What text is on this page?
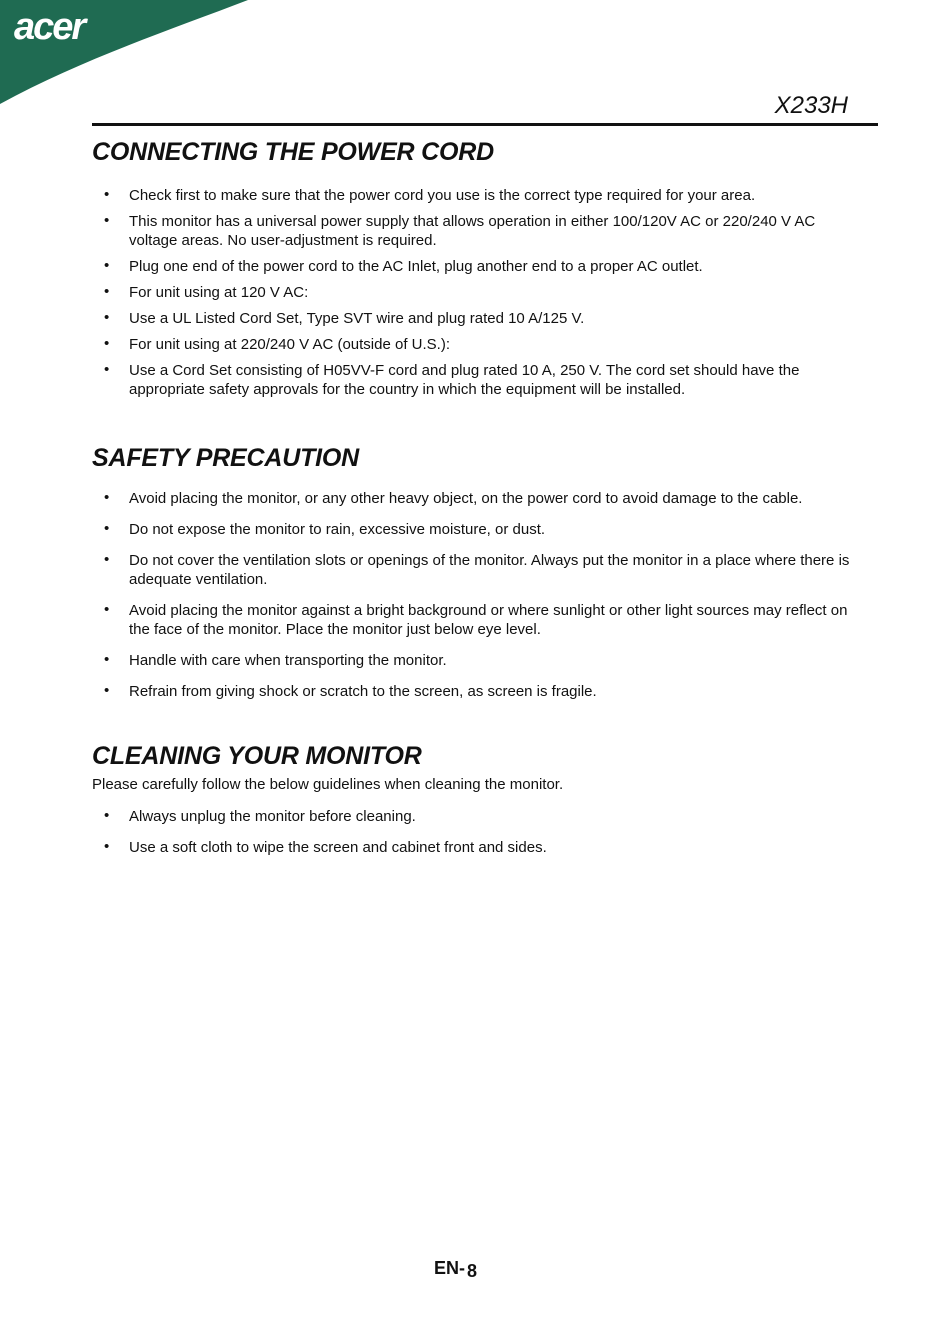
acer
X233H
CONNECTING THE POWER CORD
• Check first to make sure that the power cord you use is the correct type required for your area.
• This monitor has a universal power supply that allows operation in either 100/120V AC or 220/240 V AC voltage areas. No user-adjustment is required.
• Plug one end of the power cord to the AC Inlet, plug another end to a proper AC outlet.
• For unit using at 120 V AC:
• Use a UL Listed Cord Set, Type SVT wire and plug rated 10 A/125 V.
• For unit using at 220/240 V AC (outside of U.S.):
• Use a Cord Set consisting of H05VV-F cord and plug rated 10 A, 250 V. The cord set should have the appropriate safety approvals for the country in which the equipment will be installed.
SAFETY PRECAUTION
• Avoid placing the monitor, or any other heavy object, on the power cord to avoid damage to the cable.
• Do not expose the monitor to rain, excessive moisture, or dust.
• Do not cover the ventilation slots or openings of the monitor. Always put the monitor in a place where there is adequate ventilation.
• Avoid placing the monitor against a bright background or where sunlight or other light sources may reflect on the face of the monitor. Place the monitor just below eye level.
• Handle with care when transporting the monitor.
• Refrain from giving shock or scratch to the screen, as screen is fragile.
CLEANING YOUR MONITOR

Please carefully follow the below guidelines when cleaning the monitor.

• Always unplug the monitor before cleaning.
• Use a soft cloth to wipe the screen and cabinet front and sides.
EN- 8
